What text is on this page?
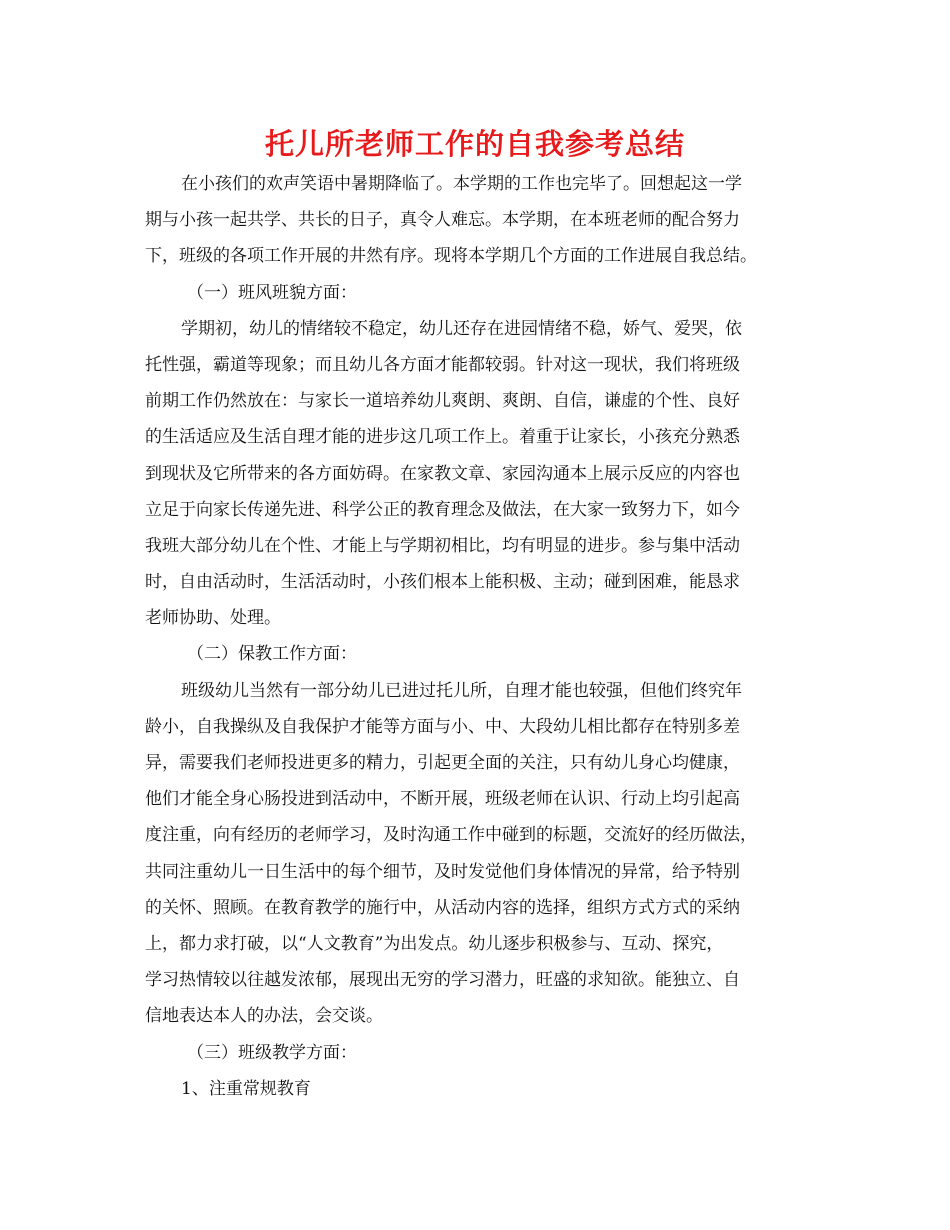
托儿所老师工作的自我参考总结
在小孩们的欢声笑语中暑期降临了。本学期的工作也完毕了。回想起这一学
期与小孩一起共学、共长的日子，真令人难忘。本学期，在本班老师的配合努力
下，班级的各项工作开展的井然有序。现将本学期几个方面的工作进展自我总结。
（一）班风班貌方面：
学期初，幼儿的情绪较不稳定，幼儿还存在进园情绪不稳，娇气、爱哭，依
托性强，霸道等现象；而且幼儿各方面才能都较弱。针对这一现状，我们将班级
前期工作仍然放在：与家长一道培养幼儿爽朗、爽朗、自信，谦虚的个性、良好
的生活适应及生活自理才能的进步这几项工作上。着重于让家长，小孩充分熟悉
到现状及它所带来的各方面妨碍。在家教文章、家园沟通本上展示反应的内容也
立足于向家长传递先进、科学公正的教育理念及做法，在大家一致努力下，如今
我班大部分幼儿在个性、才能上与学期初相比，均有明显的进步。参与集中活动
时，自由活动时，生活活动时，小孩们根本上能积极、主动；碰到困难，能恳求
老师协助、处理。
（二）保教工作方面：
班级幼儿当然有一部分幼儿已进过托儿所，自理才能也较强，但他们终究年
龄小，自我操纵及自我保护才能等方面与小、中、大段幼儿相比都存在特别多差
异，需要我们老师投进更多的精力，引起更全面的关注，只有幼儿身心均健康，
他们才能全身心肠投进到活动中，不断开展，班级老师在认识、行动上均引起高
度注重，向有经历的老师学习，及时沟通工作中碰到的标题，交流好的经历做法，
共同注重幼儿一日生活中的每个细节，及时发觉他们身体情况的异常，给予特别
的关怀、照顾。在教育教学的施行中，从活动内容的选择，组织方式方式的采纳
上，都力求打破，以“人文教育”为出发点。幼儿逐步积极参与、互动、探究，
学习热情较以往越发浓郁，展现出无穷的学习潜力，旺盛的求知欲。能独立、自
信地表达本人的办法，会交谈。
（三）班级教学方面：
1、注重常规教育
